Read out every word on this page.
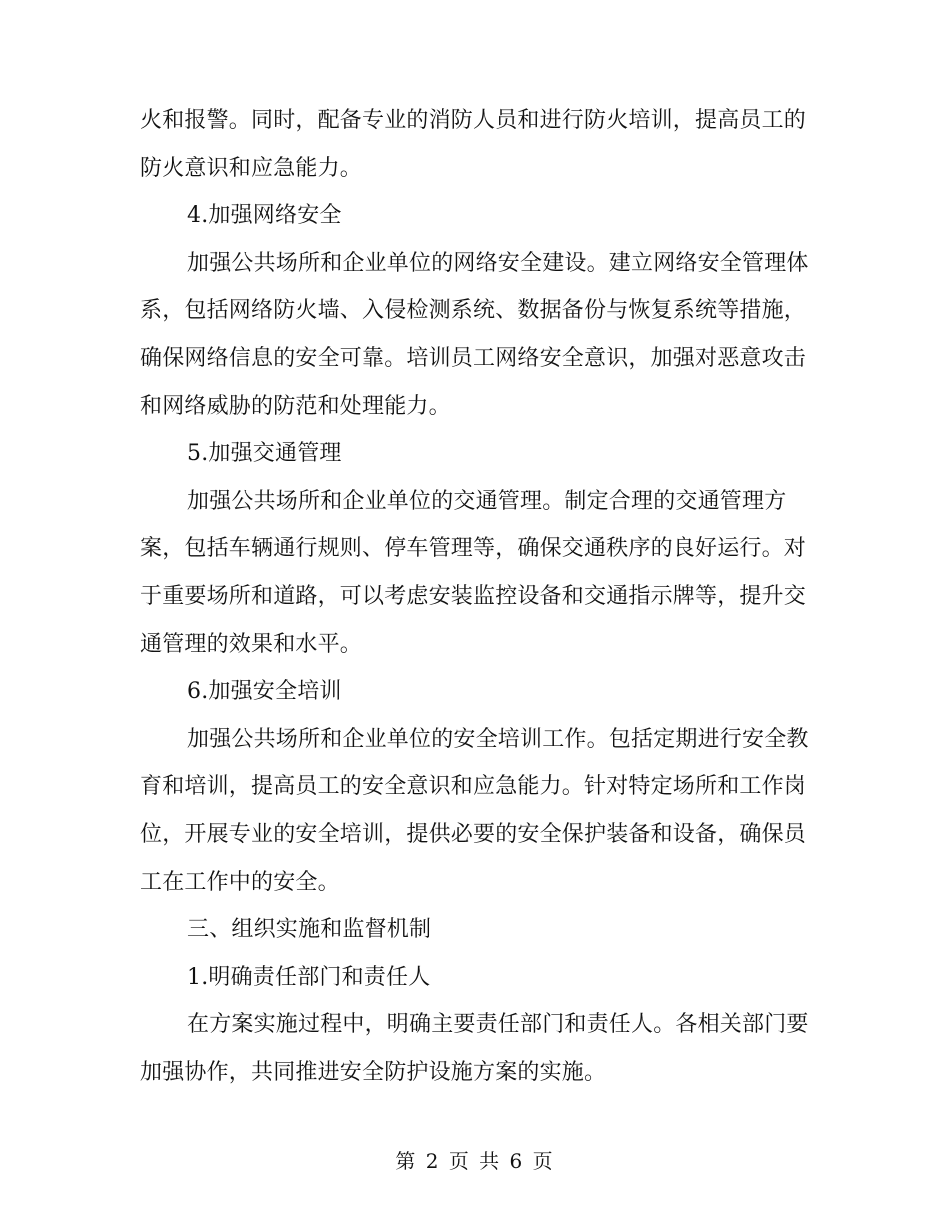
火和报警。同时，配备专业的消防人员和进行防火培训，提高员工的
防火意识和应急能力。
4.加强网络安全
加强公共场所和企业单位的网络安全建设。建立网络安全管理体
系，包括网络防火墙、入侵检测系统、数据备份与恢复系统等措施，
确保网络信息的安全可靠。培训员工网络安全意识，加强对恶意攻击
和网络威胁的防范和处理能力。
5.加强交通管理
加强公共场所和企业单位的交通管理。制定合理的交通管理方
案，包括车辆通行规则、停车管理等，确保交通秩序的良好运行。对
于重要场所和道路，可以考虑安装监控设备和交通指示牌等，提升交
通管理的效果和水平。
6.加强安全培训
加强公共场所和企业单位的安全培训工作。包括定期进行安全教
育和培训，提高员工的安全意识和应急能力。针对特定场所和工作岗
位，开展专业的安全培训，提供必要的安全保护装备和设备，确保员
工在工作中的安全。
三、组织实施和监督机制
1.明确责任部门和责任人
在方案实施过程中，明确主要责任部门和责任人。各相关部门要
加强协作，共同推进安全防护设施方案的实施。
第 2 页 共 6 页
